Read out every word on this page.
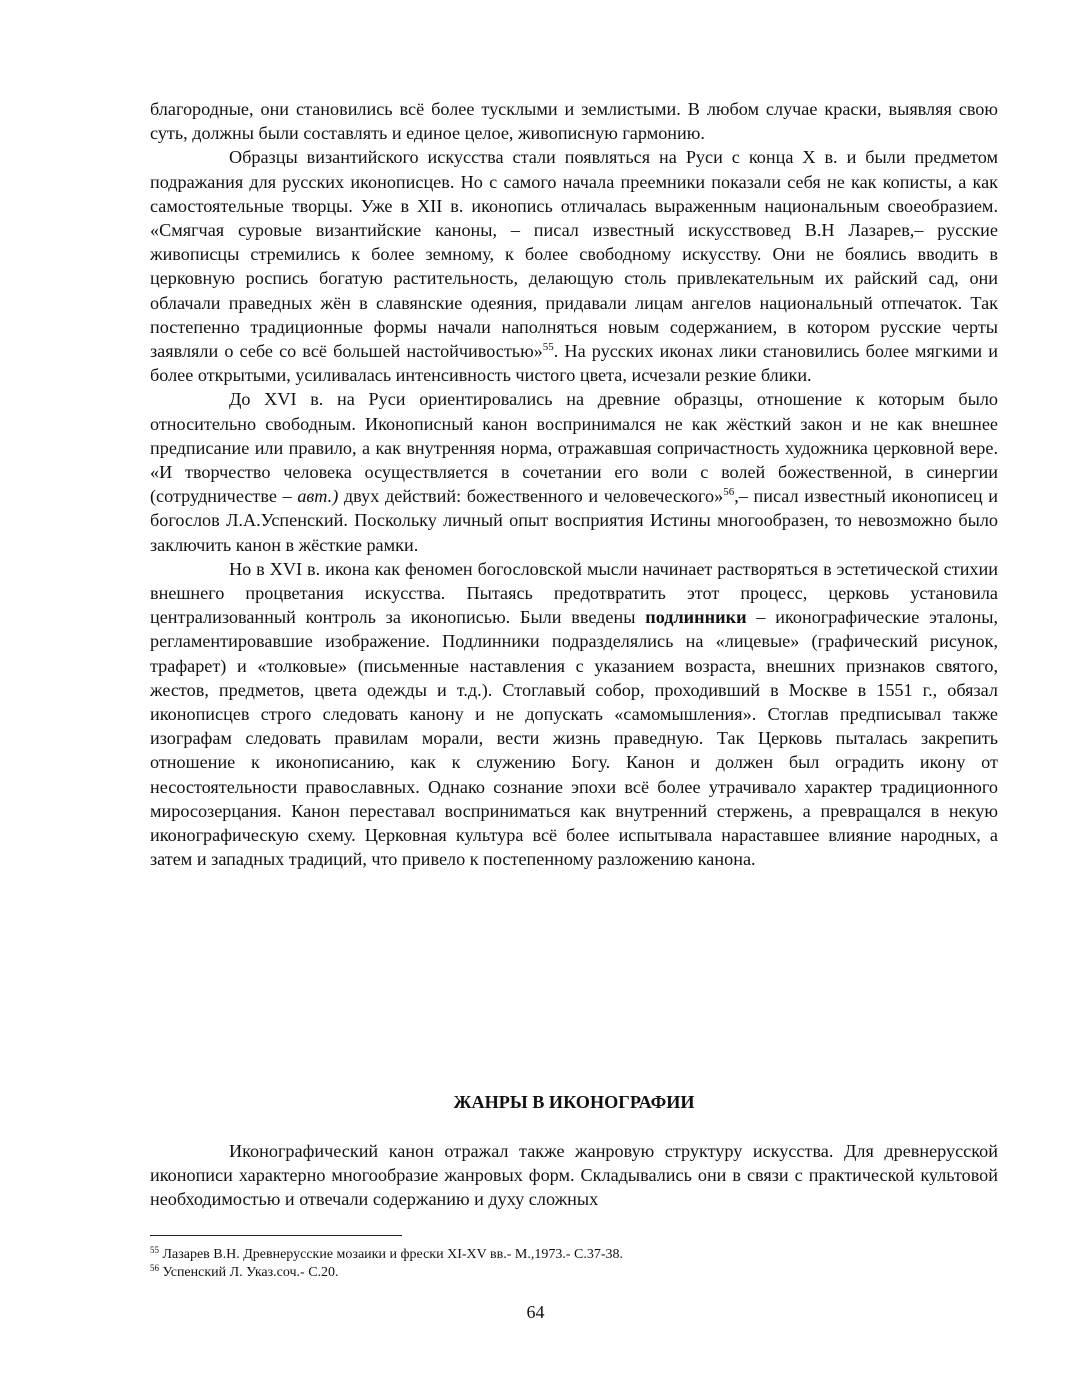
благородные, они становились всё более тусклыми и землистыми. В любом случае краски, выявляя свою суть, должны были составлять и единое целое, живописную гармонию.

Образцы византийского искусства стали появляться на Руси с конца X в. и были предметом подражания для русских иконописцев. Но с самого начала преемники показали себя не как кописты, а как самостоятельные творцы. Уже в XII в. иконопись отличалась выраженным национальным своеобразием. «Смягчая суровые византийские каноны, – писал известный искусствовед В.Н Лазарев,– русские живописцы стремились к более земному, к более свободному искусству. Они не боялись вводить в церковную роспись богатую растительность, делающую столь привлекательным их райский сад, они облачали праведных жён в славянские одеяния, придавали лицам ангелов национальный отпечаток. Так постепенно традиционные формы начали наполняться новым содержанием, в котором русские черты заявляли о себе со всё большей настойчивостью»$^{55}$. На русских иконах лики становились более мягкими и более открытыми, усиливалась интенсивность чистого цвета, исчезали резкие блики.

До XVI в. на Руси ориентировались на древние образцы, отношение к которым было относительно свободным. Иконописный канон воспринимался не как жёсткий закон и не как внешнее предписание или правило, а как внутренняя норма, отражавшая сопричастность художника церковной вере. «И творчество человека осуществляется в сочетании его воли с волей божественной, в синергии (сотрудничестве – авт.) двух действий: божественного и человеческого»$^{56}$,– писал известный иконописец и богослов Л.А.Успенский. Поскольку личный опыт восприятия Истины многообразен, то невозможно было заключить канон в жёсткие рамки.

Но в XVI в. икона как феномен богословской мысли начинает растворяться в эстетической стихии внешнего процветания искусства. Пытаясь предотвратить этот процесс, церковь установила централизованный контроль за иконописью. Были введены подлинники – иконографические эталоны, регламентировавшие изображение. Подлинники подразделялись на «лицевые» (графический рисунок, трафарет) и «толковые» (письменные наставления с указанием возраста, внешних признаков святого, жестов, предметов, цвета одежды и т.д.). Стоглавый собор, проходивший в Москве в 1551 г., обязал иконописцев строго следовать канону и не допускать «самомышления». Стоглав предписывал также изографам следовать правилам морали, вести жизнь праведную. Так Церковь пыталась закрепить отношение к иконописанию, как к служению Богу. Канон и должен был оградить икону от несостоятельности православных. Однако сознание эпохи всё более утрачивало характер традиционного миросозерцания. Канон переставал восприниматься как внутренний стержень, а превращался в некую иконографическую схему. Церковная культура всё более испытывала нараставшее влияние народных, а затем и западных традиций, что привело к постепенному разложению канона.

ЖАНРЫ В ИКОНОГРАФИИ

Иконографический канон отражал также жанровую структуру искусства. Для древнерусской иконописи характерно многообразие жанровых форм. Складывались они в связи с практической культовой необходимостью и отвечали содержанию и духу сложных

$^{55}$ Лазарев В.Н. Древнерусские мозаики и фрески XI-XV вв.- М.,1973.- С.37-38.

$^{56}$ Успенский Л. Указ.соч.- С.20.

64
